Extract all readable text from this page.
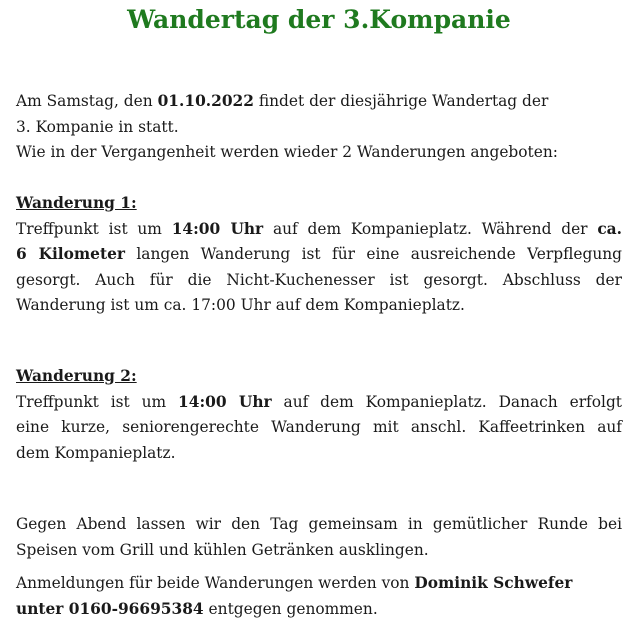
Wandertag der 3.Kompanie
Am Samstag, den 01.10.2022 findet der diesjährige Wandertag der
3. Kompanie in statt.
Wie in der Vergangenheit werden wieder 2 Wanderungen angeboten:
Wanderung 1:
Treffpunkt ist um 14:00 Uhr auf dem Kompanieplatz. Während der ca.
6 Kilometer langen Wanderung ist für eine ausreichende Verpflegung
gesorgt. Auch für die Nicht-Kuchenesser ist gesorgt. Abschluss der
Wanderung ist um ca. 17:00 Uhr auf dem Kompanieplatz.
Wanderung 2:
Treffpunkt ist um 14:00 Uhr auf dem Kompanieplatz. Danach erfolgt
eine kurze, seniorengerechte Wanderung mit anschl. Kaffeetrinken auf
dem Kompanieplatz.
Gegen Abend lassen wir den Tag gemeinsam in gemütlicher Runde bei
Speisen vom Grill und kühlen Getränken ausklingen.
Anmeldungen für beide Wanderungen werden von Dominik Schwefer
unter 0160-96695384 entgegen genommen.
